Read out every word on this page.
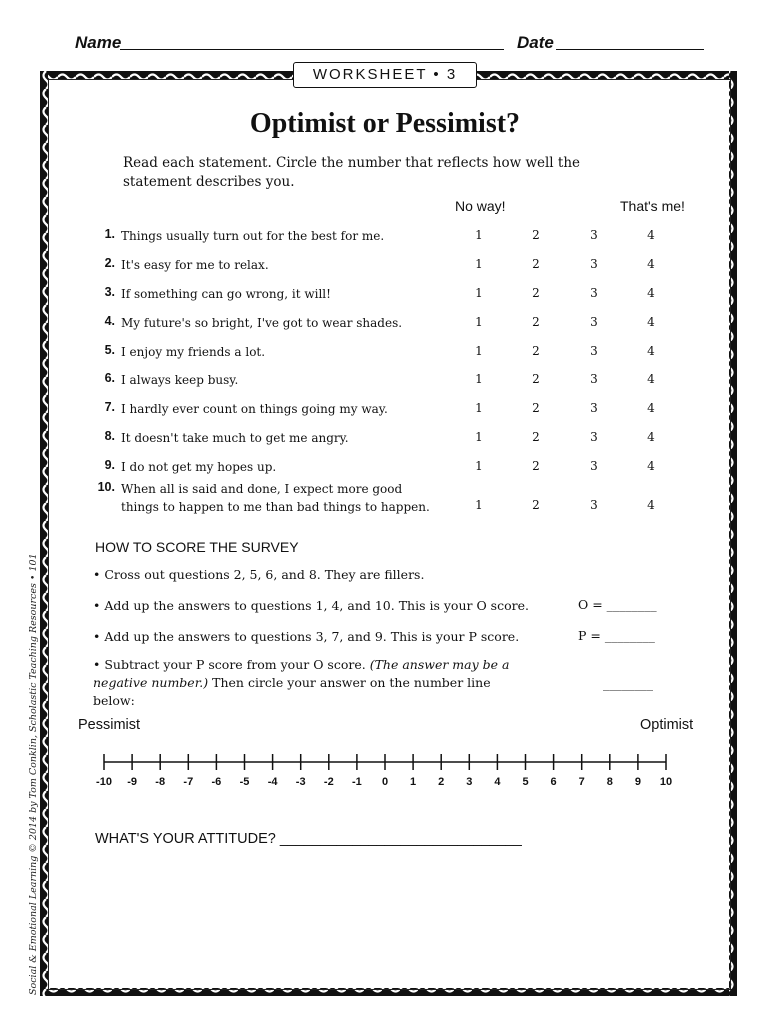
Name	Date
WORKSHEET • 3
Optimist or Pessimist?
Read each statement. Circle the number that reflects how well the statement describes you.
No way!	That's me!
1. Things usually turn out for the best for me.	1	2	3	4
2. It's easy for me to relax.	1	2	3	4
3. If something can go wrong, it will!	1	2	3	4
4. My future's so bright, I've got to wear shades.	1	2	3	4
5. I enjoy my friends a lot.	1	2	3	4
6. I always keep busy.	1	2	3	4
7. I hardly ever count on things going my way.	1	2	3	4
8. It doesn't take much to get me angry.	1	2	3	4
9. I do not get my hopes up.	1	2	3	4
10. When all is said and done, I expect more good things to happen to me than bad things to happen.	1	2	3	4
HOW TO SCORE THE SURVEY
• Cross out questions 2, 5, 6, and 8. They are fillers.
• Add up the answers to questions 1, 4, and 10. This is your O score.	O = ________
• Add up the answers to questions 3, 7, and 9. This is your P score.	P = ________
• Subtract your P score from your O score. (The answer may be a negative number.) Then circle your answer on the number line below:
________
Pessimist	Optimist
-10	-9	-8	-7	-6	-5	-4	-3	-2	-1	0	1	2	3	4	5	6	7	8	9	10
WHAT'S YOUR ATTITUDE? ______________________________
Social & Emotional Learning © 2014 by Tom Conklin, Scholastic Teaching Resources • 101
